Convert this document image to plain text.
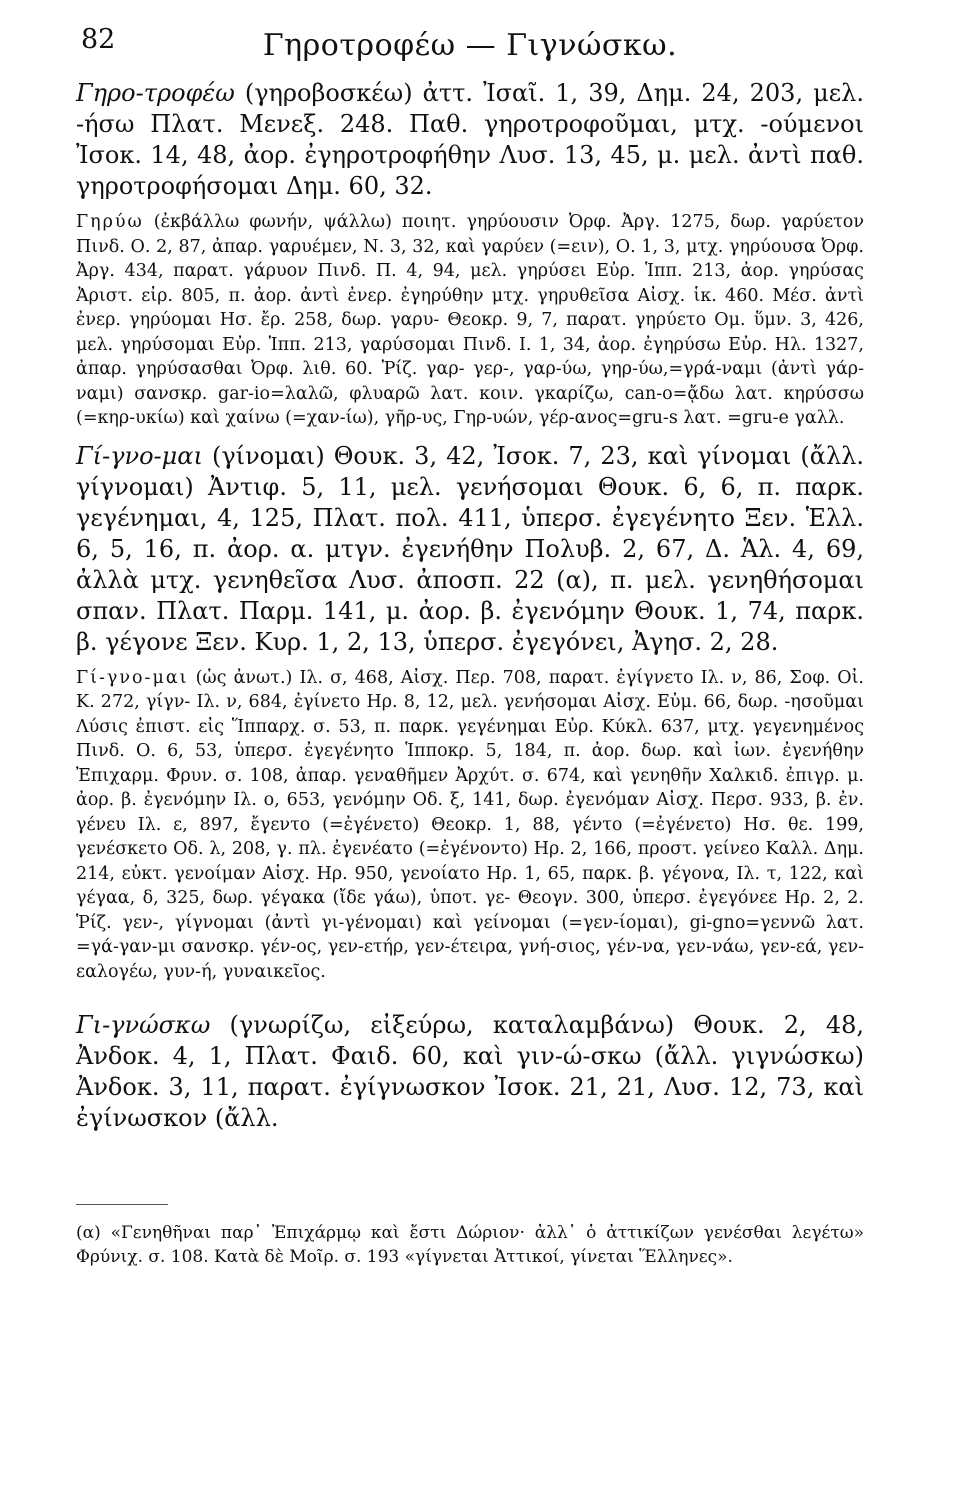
82	Γηροτροφέω — Γιγνώσκω.

Γηρο-τροφέω (γηροβοσκέω) ἀττ. Ἰσαῖ. 1, 39, Δημ. 24, 203, μελ. -ήσω Πλατ. Μενεξ. 248. Παθ. γηροτροφοῦμαι, μτχ. -ούμενοι Ἰσοκ. 14, 48, ἀορ. ἐγηροτροφήθην Λυσ. 13, 45, μ. μελ. ἀντὶ παθ. γηροτροφήσομαι Δημ. 60, 32.

Γηρύω (ἐκβάλλω φωνήν, ψάλλω) ποιητ. γηρύουσιν Ὀρφ. Ἀργ. 1275, δωρ. γαρύετον Πινδ. Ο. 2, 87, ἀπαρ. γαρυέμεν, Ν. 3, 32, καὶ γαρύεν (=ειν), Ο. 1, 3, μτχ. γηρύουσα Ὀρφ. Ἀργ. 434, παρατ. γάρυον Πινδ. Π. 4, 94, μελ. γηρύσει Εὐρ. Ἱππ. 213, ἀορ. γηρύσας Ἀριστ. εἰρ. 805, π. ἀορ. ἀντὶ ἐνερ. ἐγηρύθην μτχ. γηρυθεῖσα Αἰσχ. ἱκ. 460. Μέσ. ἀντὶ ἐνερ. γηρύομαι Ησ. ἔρ. 258, δωρ. γαρυ- Θεοκρ. 9, 7, παρατ. γηρύετο Ομ. ὕμν. 3, 426, μελ. γηρύσομαι Εὐρ. Ἱππ. 213, γαρύσομαι Πινδ. Ι. 1, 34, ἀορ. ἐγηρύσω Εὐρ. Ηλ. 1327, ἀπαρ. γηρύσασθαι Ὀρφ. λιθ. 60. Ῥίζ. γαρ- γερ-, γαρ-ύω, γηρ-ύω,=γρά-ναμι (ἀντὶ γάρ-ναμι) σανσκρ. gar-io=λαλῶ, φλυαρῶ λατ. κοιν. γκαρίζω, can-o=ᾄδω λατ. κηρύσσω (=κηρ-υκίω) καὶ χαίνω (=χαν-ίω), γῆρ-υς, Γηρ-υών, γέρ-ανος=gru-s λατ. =gru-e γαλλ.

Γί-γνο-μαι (γίνομαι) Θουκ. 3, 42, Ἰσοκ. 7, 23, καὶ γίνομαι (ἄλλ. γίγνομαι) Ἀντιφ. 5, 11, μελ. γενήσομαι Θουκ. 6, 6, π. παρκ. γεγένημαι, 4, 125, Πλατ. πολ. 411, ὑπερσ. ἐγεγένητο Ξεν. Ἑλλ. 6, 5, 16, π. ἀορ. α. μτγν. ἐγενήθην Πολυβ. 2, 67, Δ. Ἁλ. 4, 69, ἀλλὰ μτχ. γενηθεῖσα Λυσ. ἀποσπ. 22 (α), π. μελ. γενηθήσομαι σπαν. Πλατ. Παρμ. 141, μ. ἀορ. β. ἐγενόμην Θουκ. 1, 74, παρκ. β. γέγονε Ξεν. Κυρ. 1, 2, 13, ὑπερσ. ἐγεγόνει, Ἀγησ. 2, 28.

Γί-γνο-μαι (ὡς ἀνωτ.) Ιλ. σ, 468, Αἰσχ. Περ. 708, παρατ. ἐγίγνετο Ιλ. ν, 86, Σοφ. Οἰ. Κ. 272, γίγν- Ιλ. ν, 684, ἐγίνετο Ηρ. 8, 12, μελ. γενήσομαι Αἰσχ. Εὐμ. 66, δωρ. -ησοῦμαι Λύσις ἐπιστ. εἰς Ἵππαρχ. σ. 53, π. παρκ. γεγένημαι Εὐρ. Κύκλ. 637, μτχ. γεγενημένος Πινδ. Ο. 6, 53, ὑπερσ. ἐγεγένητο Ἱπποκρ. 5, 184, π. ἀορ. δωρ. καὶ ἰων. ἐγενήθην Ἐπιχαρμ. Φρυν. σ. 108, ἀπαρ. γεναθῆμεν Ἀρχύτ. σ. 674, καὶ γενηθῆν Χαλκιδ. ἐπιγρ. μ. ἀορ. β. ἐγενόμην Ιλ. ο, 653, γενόμην Οδ. ξ, 141, δωρ. ἐγενόμαν Αἰσχ. Περσ. 933, β. ἐν. γένευ Ιλ. ε, 897, ἔγεντο (=ἐγένετο) Θεοκρ. 1, 88, γέντο (=ἐγένετο) Ησ. θε. 199, γενέσκετο Οδ. λ, 208, γ. πλ. ἐγενέατο (=ἐγένοντο) Ηρ. 2, 166, προστ. γείνεο Καλλ. Δημ. 214, εὐκτ. γενοίμαν Αἰσχ. Ηρ. 950, γενοίατο Ηρ. 1, 65, παρκ. β. γέγονα, Ιλ. τ, 122, καὶ γέγαα, δ, 325, δωρ. γέγακα (ἴδε γάω), ὑποτ. γε- Θεογν. 300, ὑπερσ. ἐγεγόνεε Ηρ. 2, 2. Ῥίζ. γεν-, γίγνομαι (ἀντὶ γι-γένομαι) καὶ γείνομαι (=γεν-ίομαι), gi-gno=γεννῶ λατ. =γά-γαν-μι σανσκρ. γέν-ος, γεν-ετήρ, γεν-έτειρα, γνή-σιος, γέν-να, γεν-νάω, γεν-εά, γεν-εαλογέω, γυν-ή, γυναικεῖος.

Γι-γνώσκω (γνωρίζω, εἰξεύρω, καταλαμβάνω) Θουκ. 2, 48, Ἀνδοκ. 4, 1, Πλατ. Φαιδ. 60, καὶ γιν-ώ-σκω (ἄλλ. γιγνώσκω) Ἀνδοκ. 3, 11, παρατ. ἐγίγνωσκον Ἰσοκ. 21, 21, Λυσ. 12, 73, καὶ ἐγίνωσκον (ἄλλ.

(α) «Γενηθῆναι παρ᾽ Ἐπιχάρμῳ καὶ ἔστι Δώριον· ἀλλ᾽ ὁ ἀττικίζων γενέσθαι λεγέτω» Φρύνιχ. σ. 108. Κατὰ δὲ Μοῖρ. σ. 193 «γίγνεται Ἀττικοί, γίνεται Ἕλληνες».
